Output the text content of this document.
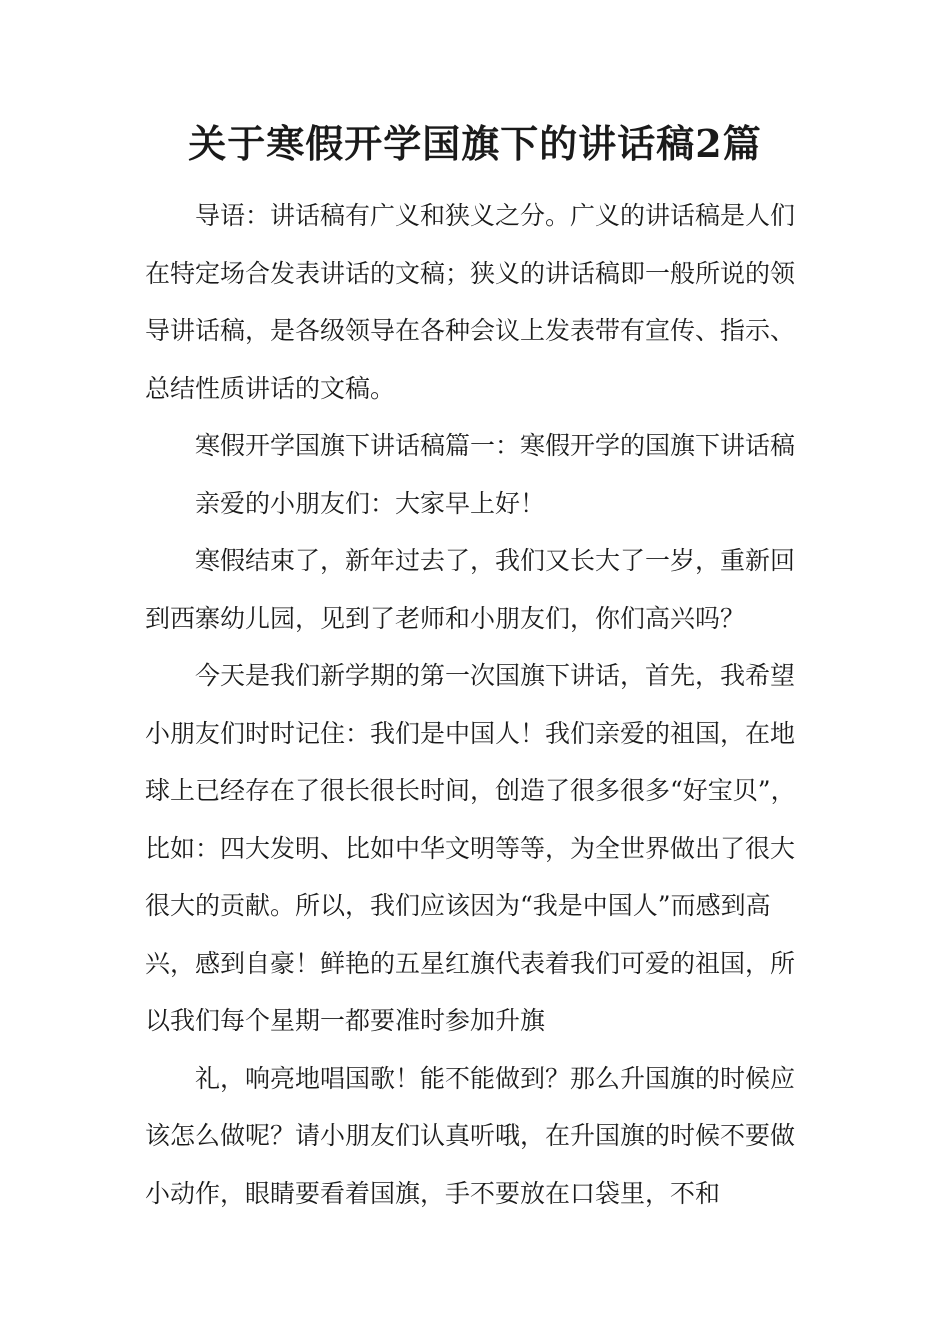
关于寒假开学国旗下的讲话稿2篇

导语：讲话稿有广义和狭义之分。广义的讲话稿是人们在特定场合发表讲话的文稿；狭义的讲话稿即一般所说的领导讲话稿，是各级领导在各种会议上发表带有宣传、指示、总结性质讲话的文稿。

寒假开学国旗下讲话稿篇一：寒假开学的国旗下讲话稿亲爱的小朋友们：大家早上好！

寒假结束了，新年过去了，我们又长大了一岁，重新回到西寨幼儿园，见到了老师和小朋友们，你们高兴吗？

今天是我们新学期的第一次国旗下讲话，首先，我希望小朋友们时时记住：我们是中国人！我们亲爱的祖国，在地球上已经存在了很长很长时间，创造了很多很多“好宝贝”，比如：四大发明、比如中华文明等等，为全世界做出了很大很大的贡献。所以，我们应该因为“我是中国人”而感到高兴，感到自豪！鲜艳的五星红旗代表着我们可爱的祖国，所以我们每个星期一都要准时参加升旗

礼，响亮地唱国歌！能不能做到？那么升国旗的时候应该怎么做呢？请小朋友们认真听哦，在升国旗的时候不要做小动作，眼睛要看着国旗，手不要放在口袋里，不和
